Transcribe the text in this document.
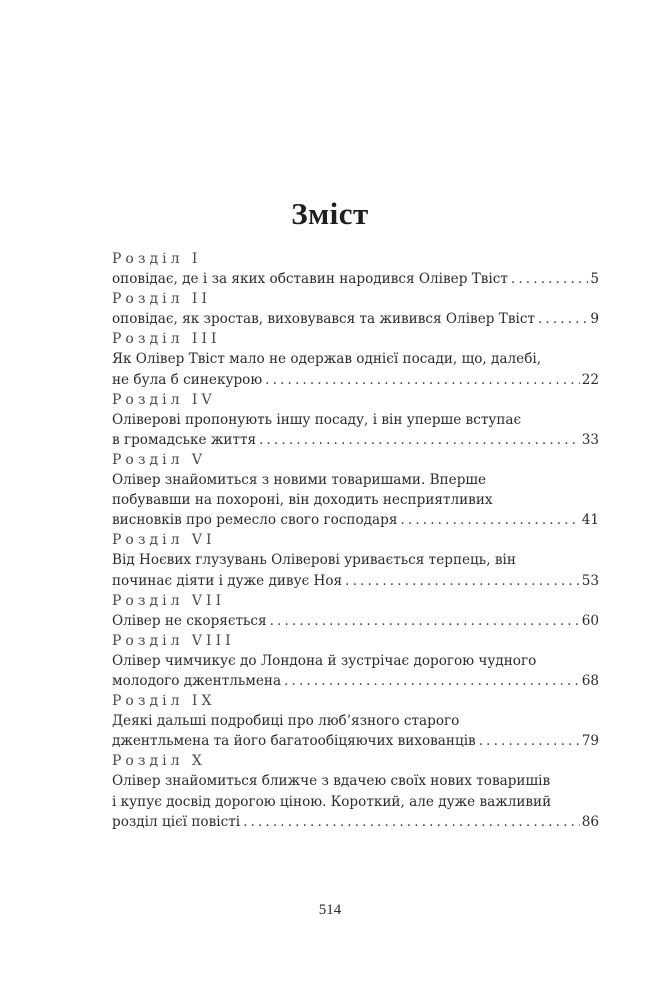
Зміст
Розділ I
оповідає, де і за яких обставин народився Олівер Твіст . . .	5
Розділ II
оповідає, як зростав, виховувався та живився Олівер Твіст . . .	9
Розділ III
Як Олівер Твіст мало не одержав однієї посади, що, далебі,
не була б синекурою . . .	22
Розділ IV
Оліверові пропонують іншу посаду, і він уперше вступає
в громадське життя . . .	33
Розділ V
Олівер знайомиться з новими товаришами. Вперше
побувавши на похороні, він доходить несприятливих
висновків про ремесло свого господаря . . .	41
Розділ VI
Від Ноєвих глузувань Оліверові уривається терпець, він
починає діяти і дуже дивує Ноя . . .	53
Розділ VII
Олівер не скоряється . . .	60
Розділ VIII
Олівер чимчикує до Лондона й зустрічає дорогою чудного
молодого джентльмена . . .	68
Розділ IX
Деякі дальші подробиці про люб’язного старого
джентльмена та його багатообіцяючих вихованців . . .	79
Розділ X
Олівер знайомиться ближче з вдачею своїх нових товаришів
і купує досвід дорогою ціною. Короткий, але дуже важливий
розділ цієї повісті . . .	86
514
